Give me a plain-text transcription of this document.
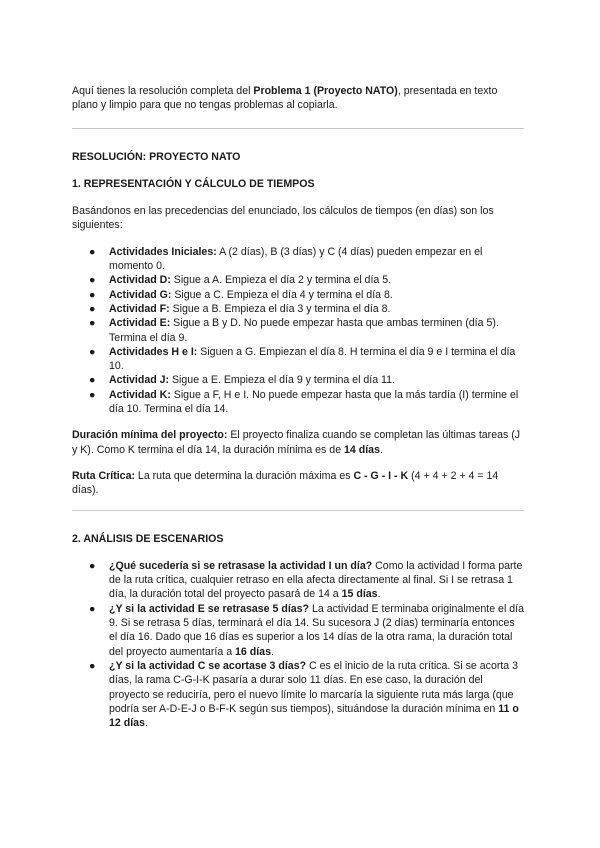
Aquí tienes la resolución completa del Problema 1 (Proyecto NATO), presentada en texto plano y limpio para que no tengas problemas al copiarla.

RESOLUCIÓN: PROYECTO NATO

1. REPRESENTACIÓN Y CÁLCULO DE TIEMPOS

Basándonos en las precedencias del enunciado, los cálculos de tiempos (en días) son los siguientes:

● Actividades Iniciales: A (2 días), B (3 días) y C (4 días) pueden empezar en el momento 0.
● Actividad D: Sigue a A. Empieza el día 2 y termina el día 5.
● Actividad G: Sigue a C. Empieza el día 4 y termina el día 8.
● Actividad F: Sigue a B. Empieza el día 3 y termina el día 8.
● Actividad E: Sigue a B y D. No puede empezar hasta que ambas terminen (día 5). Termina el día 9.
● Actividades H e I: Siguen a G. Empiezan el día 8. H termina el día 9 e I termina el día 10.
● Actividad J: Sigue a E. Empieza el día 9 y termina el día 11.
● Actividad K: Sigue a F, H e I. No puede empezar hasta que la más tardía (I) termine el día 10. Termina el día 14.

Duración mínima del proyecto: El proyecto finaliza cuando se completan las últimas tareas (J y K). Como K termina el día 14, la duración mínima es de 14 días.

Ruta Crítica: La ruta que determina la duración máxima es C - G - I - K (4 + 4 + 2 + 4 = 14 días).

2. ANÁLISIS DE ESCENARIOS

● ¿Qué sucedería si se retrasase la actividad I un día? Como la actividad I forma parte de la ruta crítica, cualquier retraso en ella afecta directamente al final. Si I se retrasa 1 día, la duración total del proyecto pasará de 14 a 15 días.
● ¿Y si la actividad E se retrasase 5 días? La actividad E terminaba originalmente el día 9. Si se retrasa 5 días, terminará el día 14. Su sucesora J (2 días) terminaría entonces el día 16. Dado que 16 días es superior a los 14 días de la otra rama, la duración total del proyecto aumentaría a 16 días.
● ¿Y si la actividad C se acortase 3 días? C es el inicio de la ruta crítica. Si se acorta 3 días, la rama C-G-I-K pasaría a durar solo 11 días. En ese caso, la duración del proyecto se reduciría, pero el nuevo límite lo marcaría la siguiente ruta más larga (que podría ser A-D-E-J o B-F-K según sus tiempos), situándose la duración mínima en 11 o 12 días.
